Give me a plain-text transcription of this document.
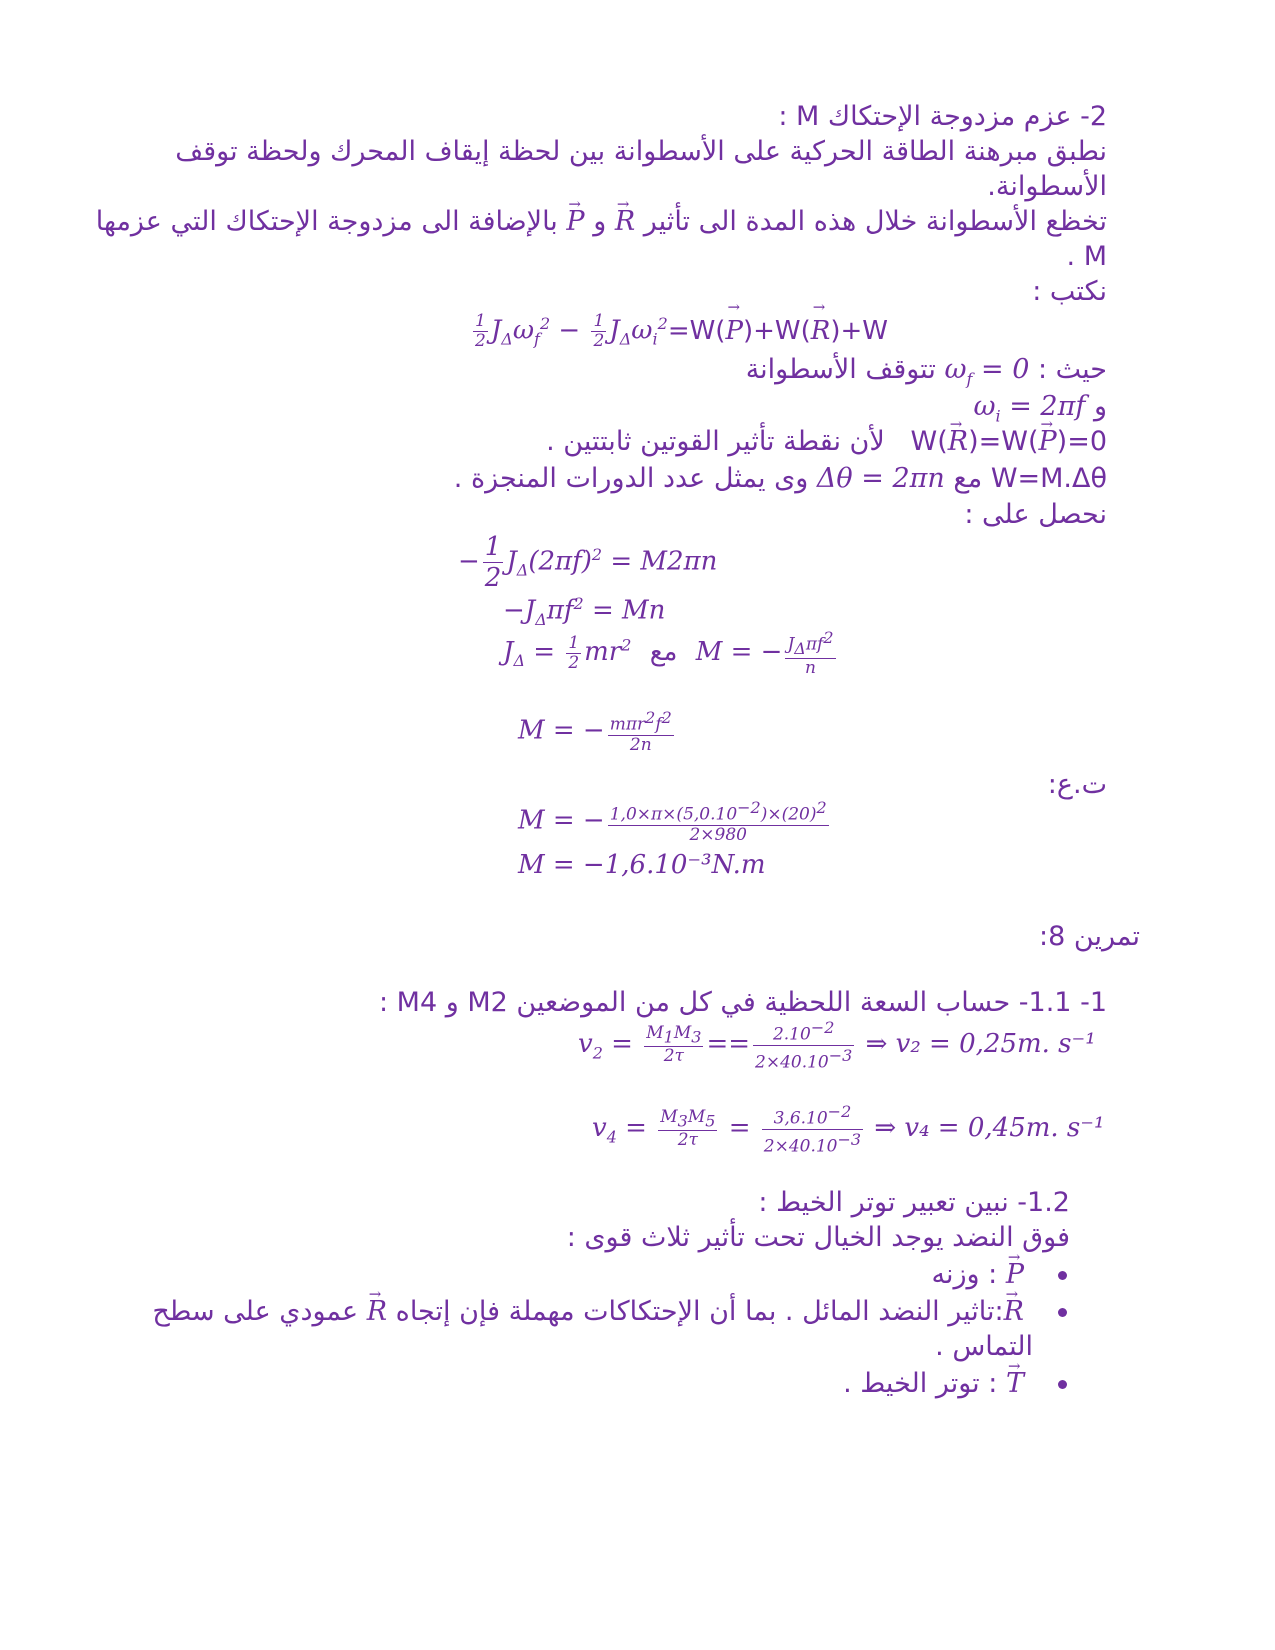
2- عزم مزدوجة الإحتكاك M :
نطبق مبرهنة الطاقة الحركية على الأسطوانة بين لحظة إيقاف المحرك ولحظة توقف
الأسطوانة.
تخظع الأسطوانة خلال هذه المدة الى تأثير → R و → P بالإضافة الى مزدوجة الإحتكاك التي عزمها
M .
نكتب :
$\frac{1}{2} J_\Delta\omega_f^2 - \frac{1}{2} J_\Delta\omega_i^2=W(\to P)+W(\to R)+W$
حيث : $\omega_f = 0$ تتوقف الأسطوانة
و $\omega_i = 2\pi f$
W(→ R)=W(→ P)=0   لأن نقطة تأثير القوتين ثابتتين .
W=M.Δθ مع Δθ = 2πn وى يمثل عدد الدورات المنجزة .
نحصل على :
− $\frac{1}{2} J_\Delta(2\pi f)^2 = M2\pi n$
$-J_\Delta\pi f^2 = Mn$
$J_\Delta = \frac{1}{2} mr^2$ مع M = − $\frac{J_\Delta\pi f^2}{n}$
M = − $\frac{m\pi r^2f^2}{2n}$
ت.ع:
M = − $\frac{1,0\times\pi\times(5,0.10^{-2})\times(20)^2}{2\times 980}$
M = −1,6.10⁻³N.m
تمرين 8:
1- 1.1- حساب السعة اللحظية في كل من الموضعين M2 و M4 :
$v_2 = \frac{M_1M_3}{2\tau} == \frac{2.10^{-2}}{2\times 40.10^{-3}}$ ⇒ v₂ = 0,25m. s⁻¹
$v_4 = \frac{M_3M_5}{2\tau} = \frac{3,6.10^{-2}}{2\times 40.10^{-3}}$ ⇒ v₄ = 0,45m. s⁻¹
1.2- نبين تعبير توتر الخيط :
فوق النضد يوجد الخيال تحت تأثير ثلاث قوى :
→ P : وزنه
→ R:تاثير النضد المائل . بما أن الإحتكاكات مهملة فإن إتجاه → R عمودي على سطح
التماس .
→ T : توتر الخيط .
